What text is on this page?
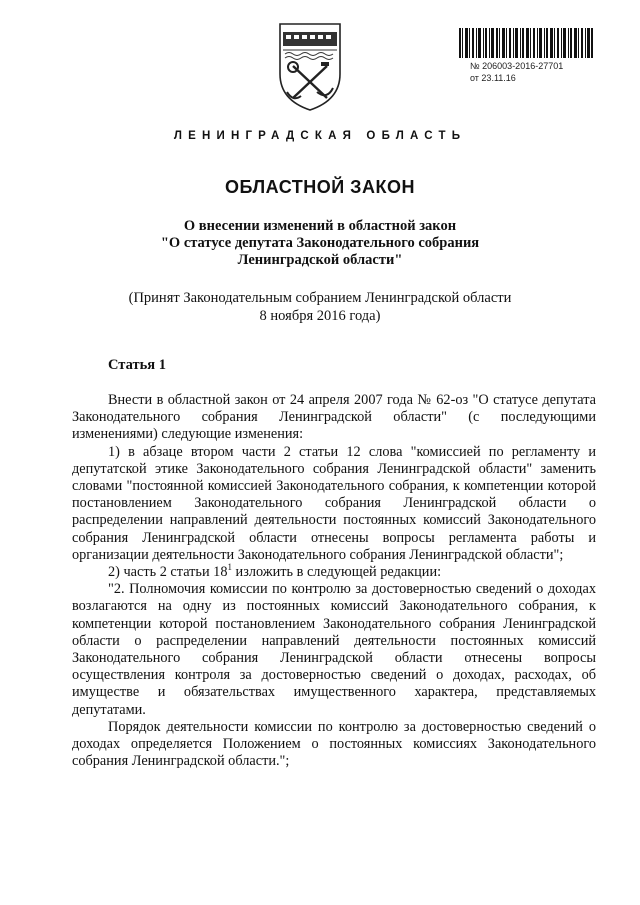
№ 206003-2016-27701
от 23.11.16
ЛЕНИНГРАДСКАЯ ОБЛАСТЬ
ОБЛАСТНОЙ ЗАКОН
О внесении изменений в областной закон
"О статусе депутата Законодательного собрания
Ленинградской области"
(Принят Законодательным собранием Ленинградской области
8 ноября 2016 года)
Статья 1

Внести в областной закон от 24 апреля 2007 года № 62-оз "О статусе депутата Законодательного собрания Ленинградской области" (с последующими изменениями) следующие изменения:

1) в абзаце втором части 2 статьи 12 слова "комиссией по регламенту и депутатской этике Законодательного собрания Ленинградской области" заменить словами "постоянной комиссией Законодательного собрания, к компетенции которой постановлением Законодательного собрания Ленинградской области о распределении направлений деятельности постоянных комиссий Законодательного собрания Ленинградской области отнесены вопросы регламента работы и организации деятельности Законодательного собрания Ленинградской области";

2) часть 2 статьи $18^1$ изложить в следующей редакции:

"2. Полномочия комиссии по контролю за достоверностью сведений о доходах возлагаются на одну из постоянных комиссий Законодательного собрания, к компетенции которой постановлением Законодательного собрания Ленинградской области о распределении направлений деятельности постоянных комиссий Законодательного собрания Ленинградской области отнесены вопросы осуществления контроля за достоверностью сведений о доходах, расходах, об имуществе и обязательствах имущественного характера, представляемых депутатами.

Порядок деятельности комиссии по контролю за достоверностью сведений о доходах определяется Положением о постоянных комиссиях Законодательного собрания Ленинградской области.";
